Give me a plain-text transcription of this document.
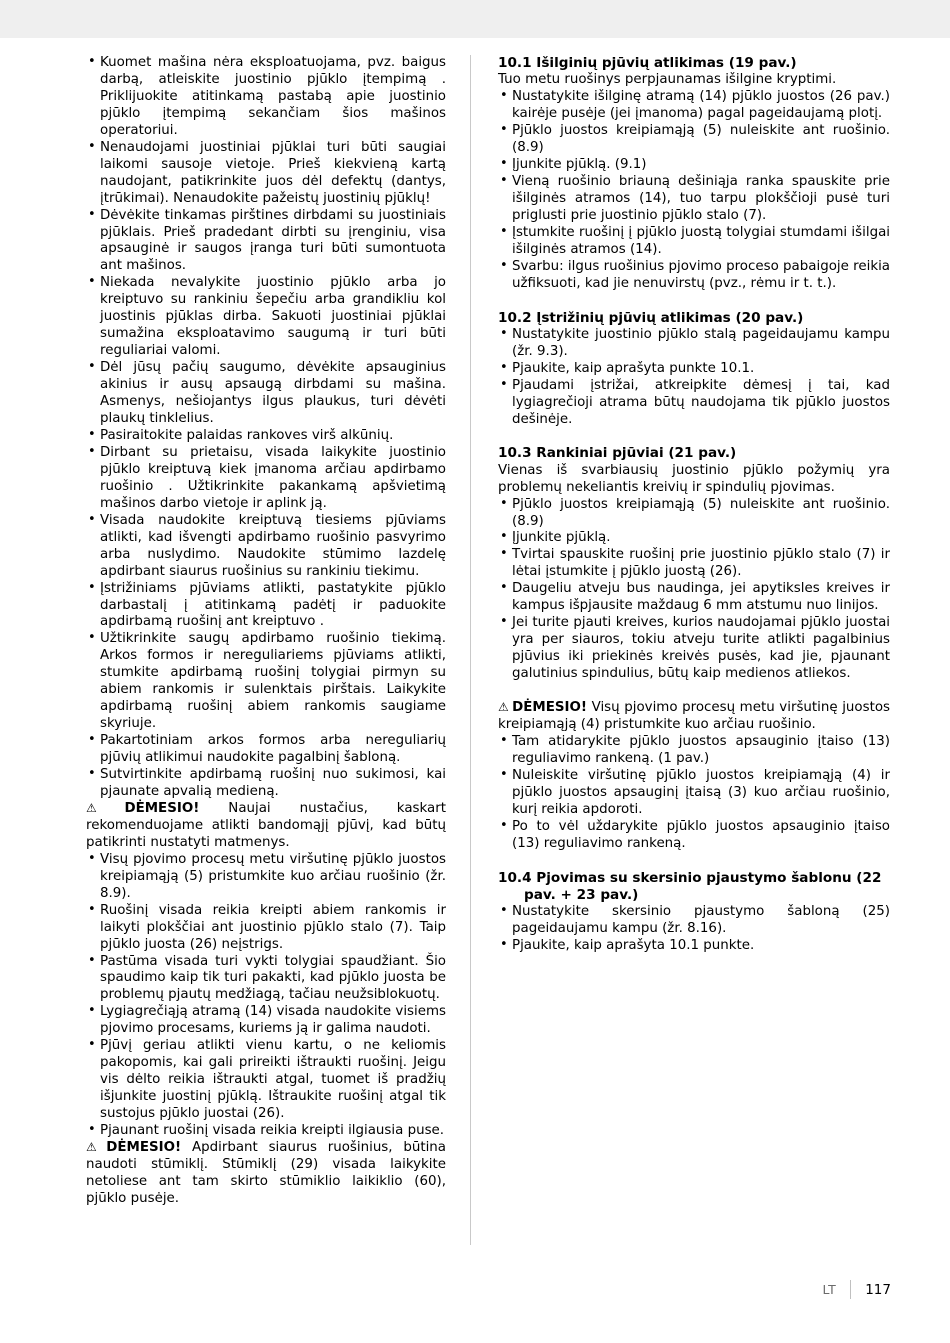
• Kuomet mašina nėra eksploatuojama, pvz. baigus darbą, atleiskite juostinio pjūklo įtempimą . Priklijuokite atitinkamą pastabą apie juostinio pjūklo įtempimą sekančiam šios mašinos operatoriui.
• Nenaudojami juostiniai pjūklai turi būti saugiai laikomi sausoje vietoje. Prieš kiekvieną kartą naudojant, patikrinkite juos dėl defektų (dantys, įtrūkimai). Nenaudokite pažeistų juostinių pjūklų!
• Dėvėkite tinkamas pirštines dirbdami su juostiniais pjūklais. Prieš pradedant dirbti su įrenginiu, visa apsauginė ir saugos įranga turi būti sumontuota ant mašinos.
• Niekada nevalykite juostinio pjūklo arba jo kreiptuvo su rankiniu šepečiu arba grandikliu kol juostinis pjūklas dirba. Sakuoti juostiniai pjūklai sumažina eksploatavimo saugumą ir turi būti reguliariai valomi.
• Dėl jūsų pačių saugumo, dėvėkite apsauginius akinius ir ausų apsaugą dirbdami su mašina. Asmenys, nešiojantys ilgus plaukus, turi dėvėti plaukų tinklelius.
• Pasiraitokite palaidas rankoves virš alkūnių.
• Dirbant su prietaisu, visada laikykite juostinio pjūklo kreiptuvą kiek įmanoma arčiau apdirbamo ruošinio . Užtikrinkite pakankamą apšvietimą mašinos darbo vietoje ir aplink ją.
• Visada naudokite kreiptuvą tiesiems pjūviams atlikti, kad išvengti apdirbamo ruošinio pasvyrimo arba nuslydimo. Naudokite stūmimo lazdelę apdirbant siaurus ruošinius su rankiniu tiekimu.
• Įstrižiniams pjūviams atlikti, pastatykite pjūklo darbastalį į atitinkamą padėtį ir paduokite apdirbamą ruošinį ant kreiptuvo .
• Užtikrinkite saugų apdirbamo ruošinio tiekimą. Arkos formos ir nereguliariems pjūviams atlikti, stumkite apdirbamą ruošinį tolygiai pirmyn su abiem rankomis ir sulenktais pirštais. Laikykite apdirbamą ruošinį abiem rankomis saugiame skyriuje.
• Pakartotiniam arkos formos arba nereguliarių pjūvių atlikimui naudokite pagalbinį šabloną.
• Sutvirtinkite apdirbamą ruošinį nuo sukimosi, kai pjaunate apvalią medieną.

⚠ DĖMESIO! Naujai nustačius, kaskart rekomenduojame atlikti bandomąjį pjūvį, kad būtų patikrinti nustatyti matmenys.

• Visų pjovimo procesų metu viršutinę pjūklo juostos kreipiamąją (5) pristumkite kuo arčiau ruošinio (žr. 8.9).
• Ruošinį visada reikia kreipti abiem rankomis ir laikyti plokščiai ant juostinio pjūklo stalo (7). Taip pjūklo juosta (26) neįstrigs.
• Pastūma visada turi vykti tolygiai spaudžiant. Šio spaudimo kaip tik turi pakakti, kad pjūklo juosta be problemų pjautų medžiagą, tačiau neužsiblokuotų.
• Lygiagrečiąją atramą (14) visada naudokite visiems pjovimo procesams, kuriems ją ir galima naudoti.
• Pjūvį geriau atlikti vienu kartu, o ne keliomis pakopomis, kai gali prireikti ištraukti ruošinį. Jeigu vis dėlto reikia ištraukti atgal, tuomet iš pradžių išjunkite juostinį pjūklą. Ištraukite ruošinį atgal tik sustojus pjūklo juostai (26).
• Pjaunant ruošinį visada reikia kreipti ilgiausia puse.

⚠ DĖMESIO! Apdirbant siaurus ruošinius, būtina naudoti stūmiklį. Stūmiklį (29) visada laikykite netoliese ant tam skirto stūmiklio laikiklio (60), pjūklo pusėje.

10.1 Išilginių pjūvių atlikimas (19 pav.)

Tuo metu ruošinys perpjaunamas išilgine kryptimi.

• Nustatykite išilginę atramą (14) pjūklo juostos (26 pav.) kairėje pusėje (jei įmanoma) pagal pageidaujamą plotį.
• Pjūklo juostos kreipiamąją (5) nuleiskite ant ruošinio. (8.9)
• Įjunkite pjūklą. (9.1)
• Vieną ruošinio briauną dešiniąja ranka spauskite prie išilginės atramos (14), tuo tarpu plokščioji pusė turi priglusti prie juostinio pjūklo stalo (7).
• Įstumkite ruošinį į pjūklo juostą tolygiai stumdami išilgai išilginės atramos (14).
• Svarbu: ilgus ruošinius pjovimo proceso pabaigoje reikia užfiksuoti, kad jie nenuvirstų (pvz., rėmu ir t. t.).
10.2 Įstrižinių pjūvių atlikimas (20 pav.)
• Nustatykite juostinio pjūklo stalą pageidaujamu kampu (žr. 9.3).
• Pjaukite, kaip aprašyta punkte 10.1.
• Pjaudami įstrižai, atkreipkite dėmesį į tai, kad lygiagrečioji atrama būtų naudojama tik pjūklo juostos dešinėje.
10.3 Rankiniai pjūviai (21 pav.)

Vienas iš svarbiausių juostinio pjūklo požymių yra problemų nekeliantis kreivių ir spindulių pjovimas.

• Pjūklo juostos kreipiamąją (5) nuleiskite ant ruošinio. (8.9)
• Įjunkite pjūklą.
• Tvirtai spauskite ruošinį prie juostinio pjūklo stalo (7) ir lėtai įstumkite į pjūklo juostą (26).
• Daugeliu atveju bus naudinga, jei apytiksles kreives ir kampus išpjausite maždaug 6 mm atstumu nuo linijos.
• Jei turite pjauti kreives, kurios naudojamai pjūklo juostai yra per siauros, tokiu atveju turite atlikti pagalbinius pjūvius iki priekinės kreivės pusės, kad jie, pjaunant galutinius spindulius, būtų kaip medienos atliekos.

⚠ DĖMESIO! Visų pjovimo procesų metu viršutinę juostos kreipiamąją (4) pristumkite kuo arčiau ruošinio.

• Tam atidarykite pjūklo juostos apsauginio įtaiso (13) reguliavimo rankeną. (1 pav.)
• Nuleiskite viršutinę pjūklo juostos kreipiamąją (4) ir pjūklo juostos apsauginį įtaisą (3) kuo arčiau ruošinio, kurį reikia apdoroti.
• Po to vėl uždarykite pjūklo juostos apsauginio įtaiso (13) reguliavimo rankeną.
10.4 Pjovimas su skersinio pjaustymo šablonu (22 pav. + 23 pav.)
• Nustatykite skersinio pjaustymo šabloną (25) pageidaujamu kampu (žr. 8.16).
• Pjaukite, kaip aprašyta 10.1 punkte.
LT 117
